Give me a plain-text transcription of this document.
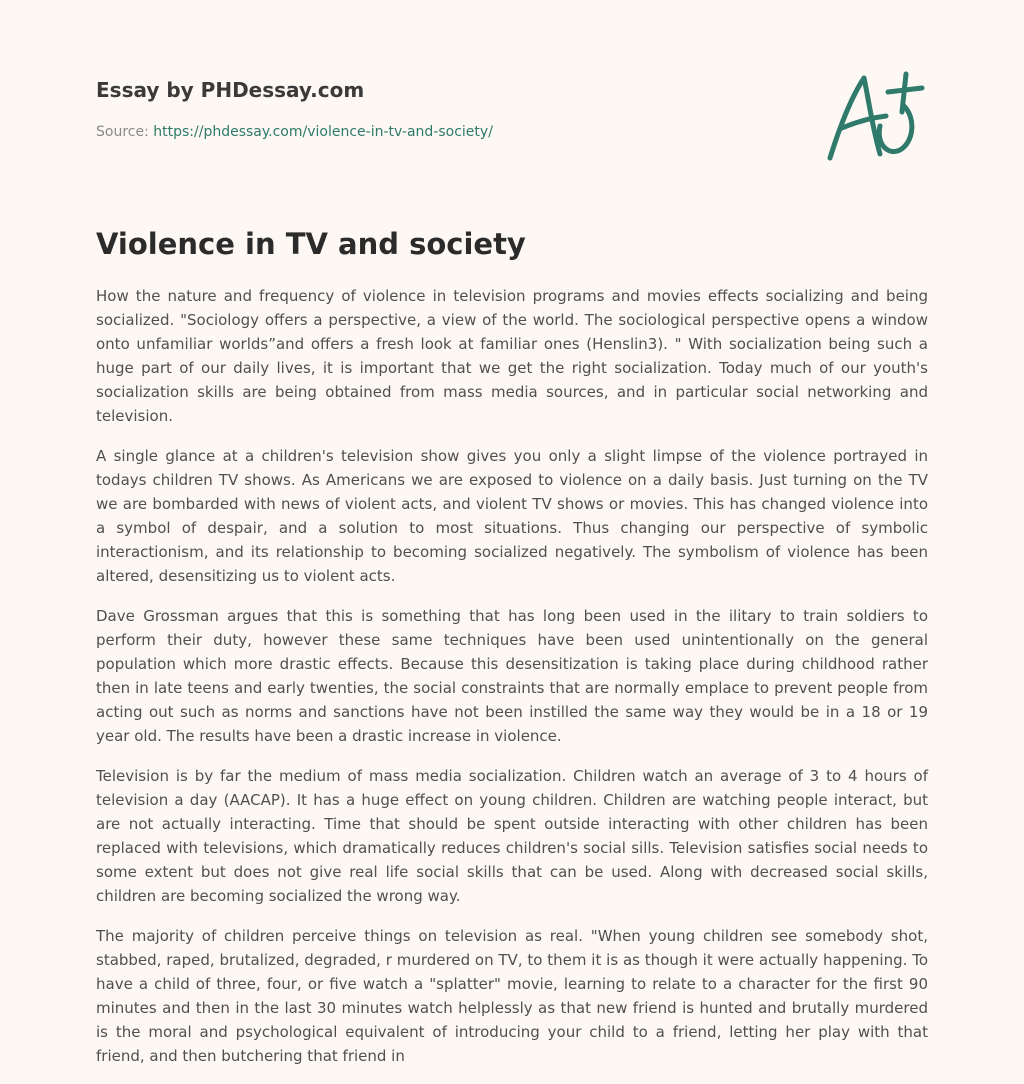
Essay by PHDessay.com
Source: https://phdessay.com/violence-in-tv-and-society/
Violence in TV and society

How the nature and frequency of violence in television programs and movies effects socializing and being socialized. "Sociology offers a perspective, a view of the world. The sociological perspective opens a window onto unfamiliar worlds”and offers a fresh look at familiar ones (Henslin3). " With socialization being such a huge part of our daily lives, it is important that we get the right socialization. Today much of our youth's socialization skills are being obtained from mass media sources, and in particular social networking and television.

A single glance at a children's television show gives you only a slight limpse of the violence portrayed in todays children TV shows. As Americans we are exposed to violence on a daily basis. Just turning on the TV we are bombarded with news of violent acts, and violent TV shows or movies. This has changed violence into a symbol of despair, and a solution to most situations. Thus changing our perspective of symbolic interactionism, and its relationship to becoming socialized negatively. The symbolism of violence has been altered, desensitizing us to violent acts.

Dave Grossman argues that this is something that has long been used in the ilitary to train soldiers to perform their duty, however these same techniques have been used unintentionally on the general population which more drastic effects. Because this desensitization is taking place during childhood rather then in late teens and early twenties, the social constraints that are normally emplace to prevent people from acting out such as norms and sanctions have not been instilled the same way they would be in a 18 or 19 year old. The results have been a drastic increase in violence.

Television is by far the medium of mass media socialization. Children watch an average of 3 to 4 hours of television a day (AACAP). It has a huge effect on young children. Children are watching people interact, but are not actually interacting. Time that should be spent outside interacting with other children has been replaced with televisions, which dramatically reduces children's social sills. Television satisfies social needs to some extent but does not give real life social skills that can be used. Along with decreased social skills, children are becoming socialized the wrong way.

The majority of children perceive things on television as real. "When young children see somebody shot, stabbed, raped, brutalized, degraded, r murdered on TV, to them it is as though it were actually happening. To have a child of three, four, or five watch a "splatter" movie, learning to relate to a character for the first 90 minutes and then in the last 30 minutes watch helplessly as that new friend is hunted and brutally murdered is the moral and psychological equivalent of introducing your child to a friend, letting her play with that friend, and then butchering that friend in
